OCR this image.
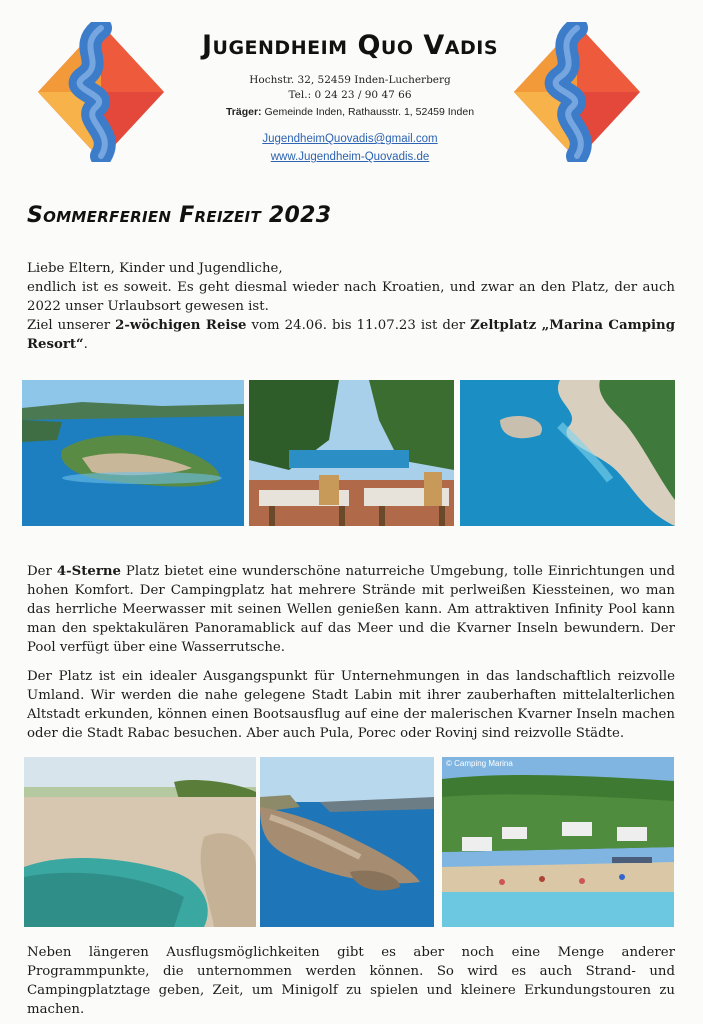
Jugendheim Quo Vadis
Hochstr. 32, 52459 Inden-Lucherberg
Tel.: 0 24 23 / 90 47 66
Träger: Gemeinde Inden, Rathausstr. 1, 52459 Inden
JugendheimQuovadis@gmail.com
www.Jugendheim-Quovadis.de
Sommerferien Freizeit 2023
Liebe Eltern, Kinder und Jugendliche,
endlich ist es soweit. Es geht diesmal wieder nach Kroatien, und zwar an den Platz, der auch 2022 unser Urlaubsort gewesen ist.
Ziel unserer 2-wöchigen Reise vom 24.06. bis 11.07.23 ist der Zeltplatz „Marina Camping Resort“.
Der 4-Sterne Platz bietet eine wunderschöne naturreiche Umgebung, tolle Einrichtungen und hohen Komfort. Der Campingplatz hat mehrere Strände mit perlweißen Kiessteinen, wo man das herrliche Meerwasser mit seinen Wellen genießen kann. Am attraktiven Infinity Pool kann man den spektakulären Panoramablick auf das Meer und die Kvarner Inseln bewundern. Der Pool verfügt über eine Wasserrutsche.
Der Platz ist ein idealer Ausgangspunkt für Unternehmungen in das landschaftlich reizvolle Umland. Wir werden die nahe gelegene Stadt Labin mit ihrer zauberhaften mittelalterlichen Altstadt erkunden, können einen Bootsausflug auf eine der malerischen Kvarner Inseln machen oder die Stadt Rabac besuchen. Aber auch Pula, Porec oder Rovinj sind reizvolle Städte.
© Camping Marina
Neben längeren Ausflugsmöglichkeiten gibt es aber noch eine Menge anderer Programmpunkte, die unternommen werden können. So wird es auch Strand- und Campingplatztage geben, Zeit, um Minigolf zu spielen und kleinere Erkundungstouren zu machen.
